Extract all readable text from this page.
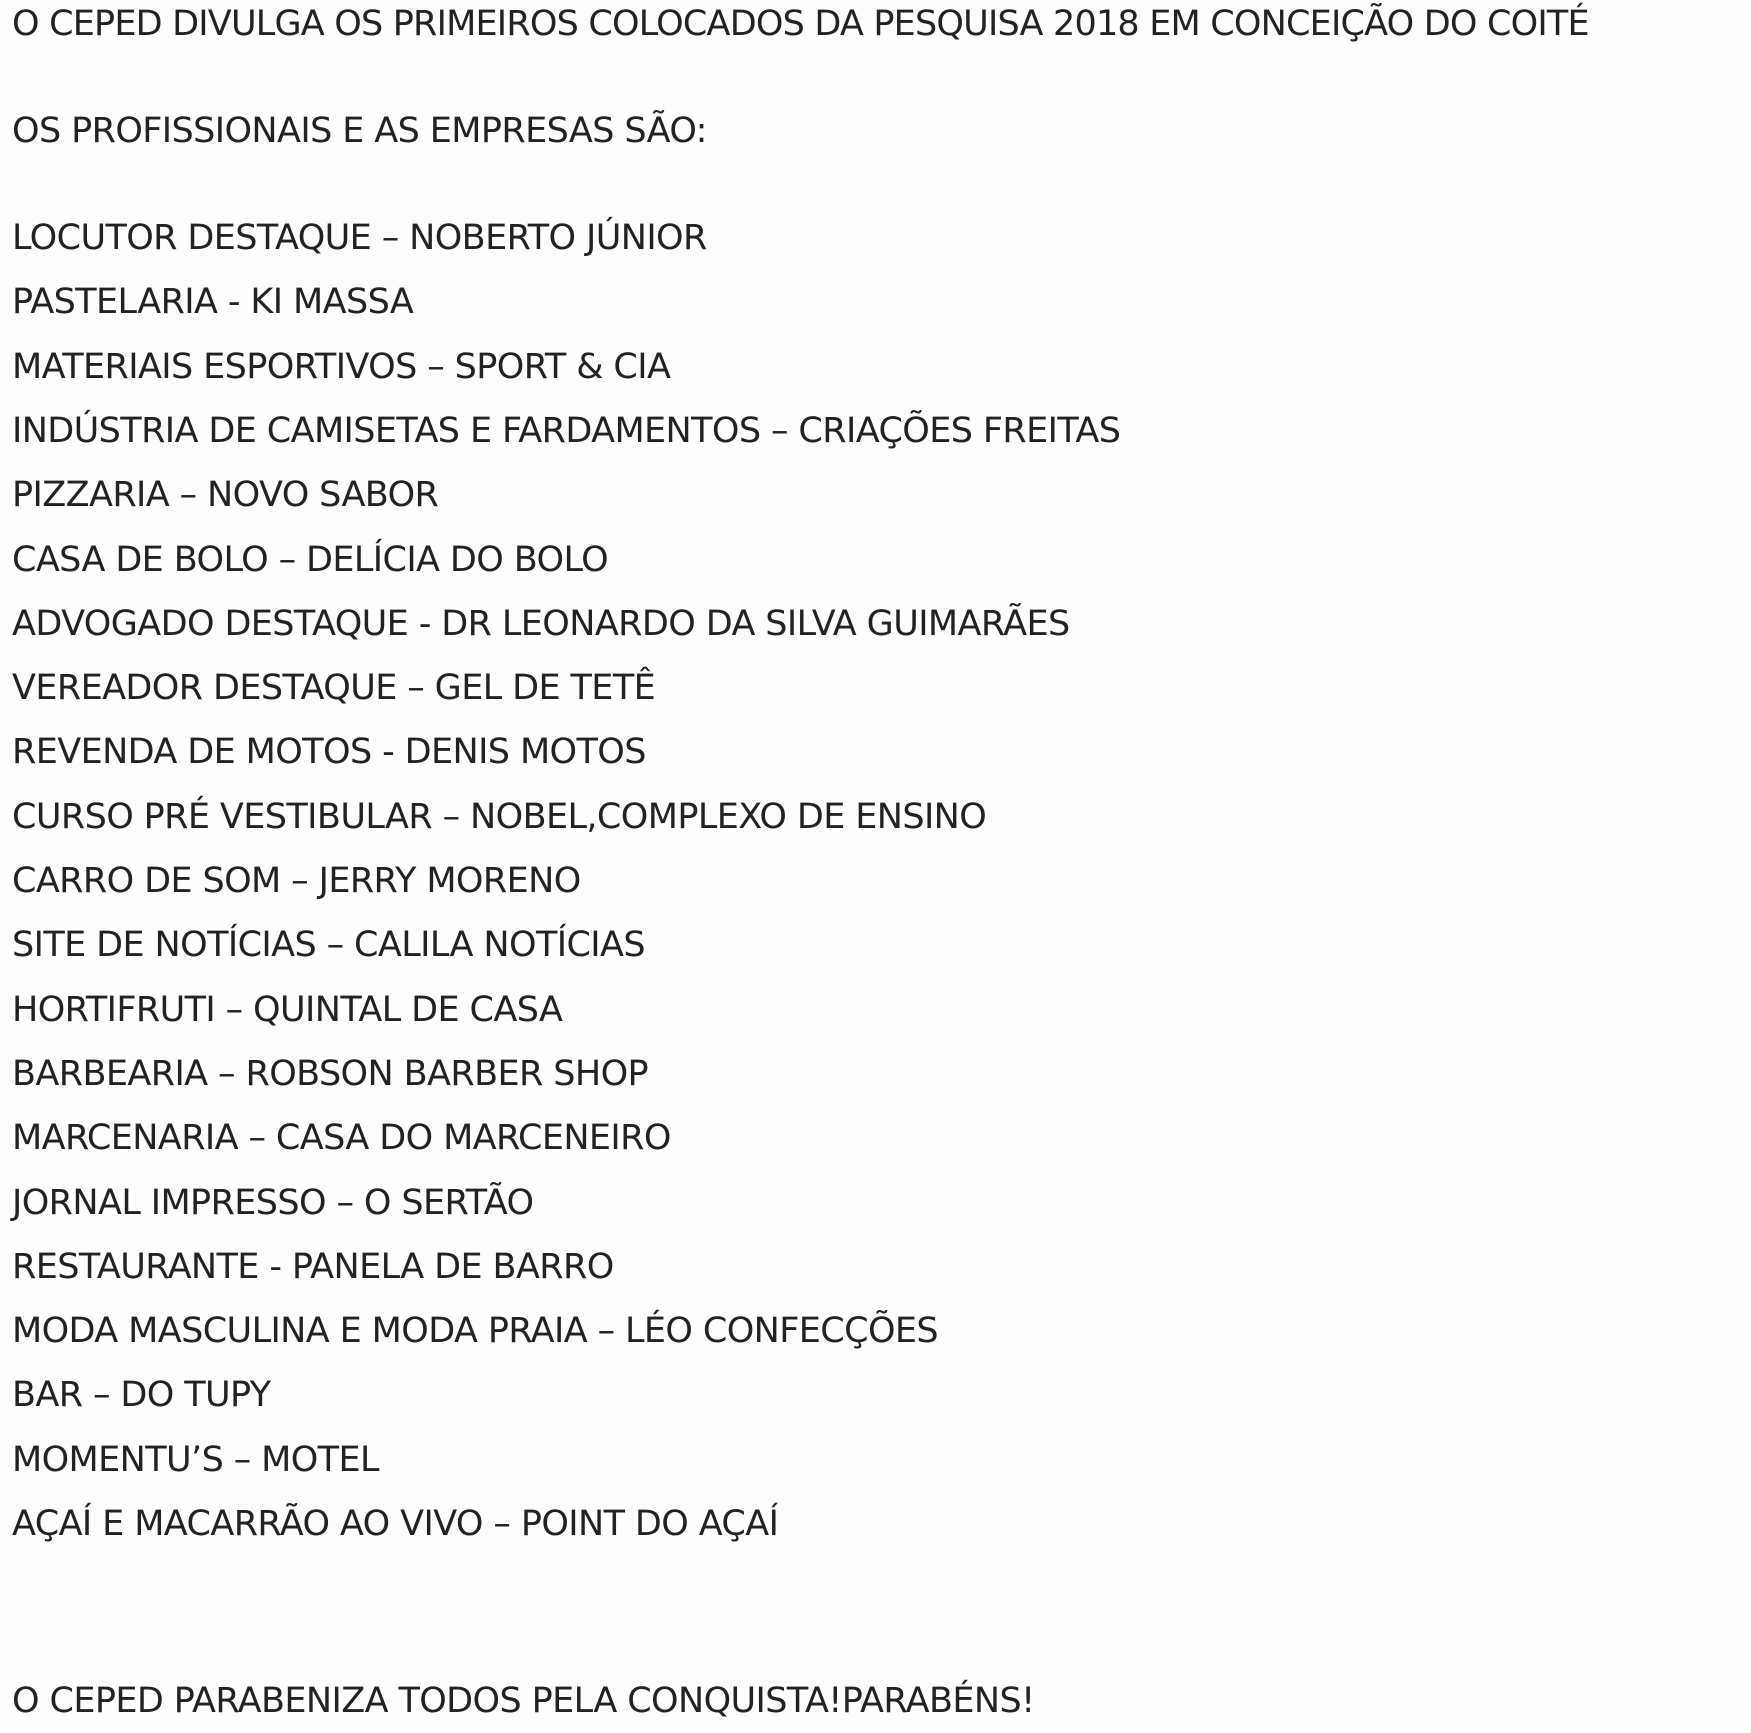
O CEPED DIVULGA OS PRIMEIROS COLOCADOS DA PESQUISA 2018 EM CONCEIÇÃO DO COITÉ
OS PROFISSIONAIS E AS EMPRESAS SÃO:
LOCUTOR DESTAQUE – NOBERTO JÚNIOR
PASTELARIA - KI MASSA
MATERIAIS ESPORTIVOS – SPORT & CIA
INDÚSTRIA DE CAMISETAS E FARDAMENTOS – CRIAÇÕES FREITAS
PIZZARIA – NOVO SABOR
CASA DE BOLO – DELÍCIA DO BOLO
ADVOGADO DESTAQUE - DR LEONARDO DA SILVA GUIMARÃES
VEREADOR DESTAQUE – GEL DE TETÊ
REVENDA DE MOTOS - DENIS MOTOS
CURSO PRÉ VESTIBULAR – NOBEL,COMPLEXO DE ENSINO
CARRO DE SOM – JERRY MORENO
SITE DE NOTÍCIAS – CALILA NOTÍCIAS
HORTIFRUTI – QUINTAL DE CASA
BARBEARIA – ROBSON BARBER SHOP
MARCENARIA – CASA DO MARCENEIRO
JORNAL IMPRESSO – O SERTÃO
RESTAURANTE - PANELA DE BARRO
MODA MASCULINA E MODA PRAIA – LÉO CONFECÇÕES
BAR – DO TUPY
MOMENTU’S – MOTEL
AÇAÍ E MACARRÃO AO VIVO – POINT DO AÇAÍ
O CEPED PARABENIZA TODOS PELA CONQUISTA!PARABÉNS!
